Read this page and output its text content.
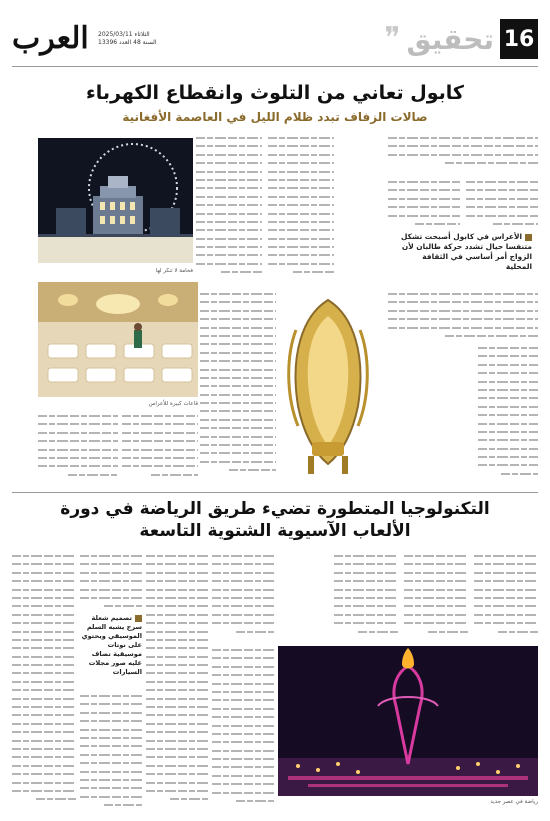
العرب	الثلاثاء 2025/03/11
السنة 48 العدد 13396	❞ تحقيق 16
كابول تعاني من التلوث وانقطاع الكهرباء
صالات الزفاف تبدد ظلام الليل في العاصمة الأفغانية
الأعراس في كابول أصبحت تشكل متنفسا حيال تشدد حركة طالبان لأن الزواج أمر أساسي في الثقافة المحلية
فخامة لا تنكر لها
قاعات كبيرة للأعراس
التكنولوجيا المتطورة تضيء طريق الرياضة في دورة
الألعاب الآسيوية الشتوية التاسعة
رياضة في عصر جديد
تصميم شعلة سرج يشبه السلم الموسيقي ويحتوي على نوتات موسيقية تضاف عليه صور مجلات السيارات
